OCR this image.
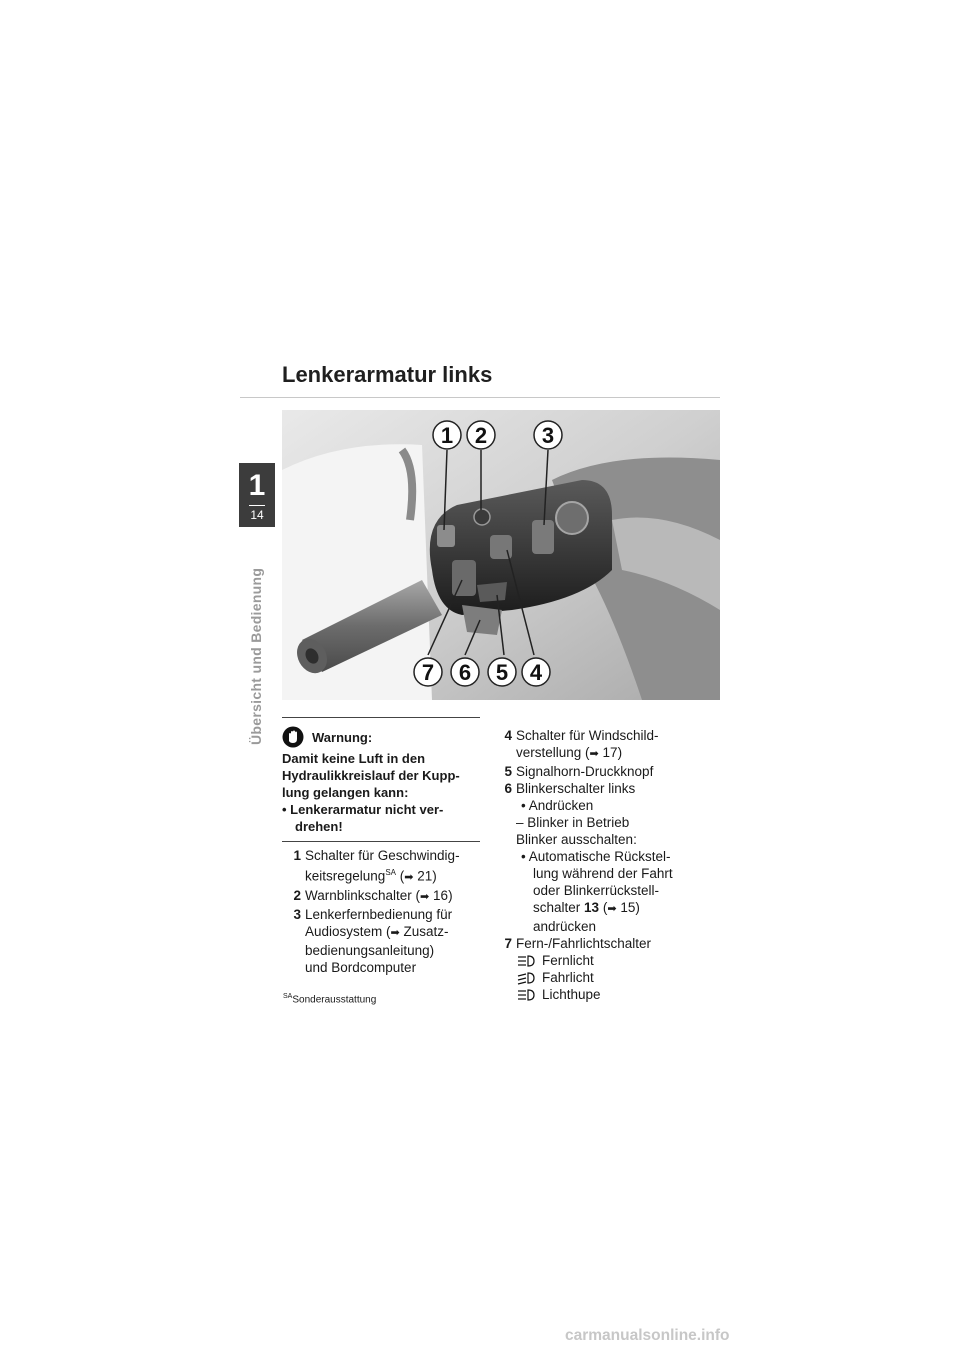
1
14
Übersicht und Bedienung
Lenkerarmatur links
1 2 3
7 6 5 4
Warnung:
Damit keine Luft in den Hydraulikkreislauf der Kupp-lung gelangen kann:
• Lenkerarmatur nicht ver-drehen!
1 Schalter für Geschwindig-
keitsregelung$^{SA}$ (➡ 21)
2 Warnblinkschalter (➡ 16)
3 Lenkerfernbedienung für
Audiosystem (➡ Zusatz-
bedienungsanleitung)
und Bordcomputer
$^{SA}$Sonderausstattung
4 Schalter für Windschild-
verstellung (➡ 17)
5 Signalhorn-Druckknopf
6 Blinkerschalter links
• Andrücken
– Blinker in Betrieb
Blinker ausschalten:
• Automatische Rückstel-
lung während der Fahrt
oder Blinkerrückstell-
schalter 13 (➡ 15)
andrücken
7 Fern-/Fahrlichtschalter
Fernlicht
Fahrlicht
Lichthupe
carmanualsonline.info
